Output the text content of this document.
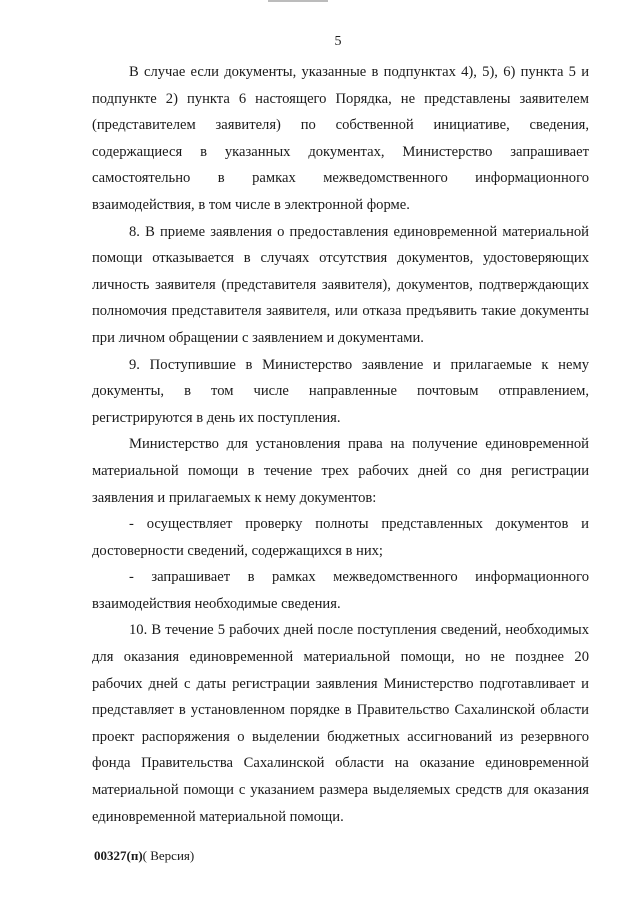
5

В случае если документы, указанные в подпунктах 4), 5), 6) пункта 5 и подпункте 2) пункта 6 настоящего Порядка, не представлены заявителем (представителем заявителя) по собственной инициативе, сведения, содержащиеся в указанных документах, Министерство запрашивает самостоятельно в рамках межведомственного информационного взаимодействия, в том числе в электронной форме.

8. В приеме заявления о предоставления единовременной материальной помощи отказывается в случаях отсутствия документов, удостоверяющих личность заявителя (представителя заявителя), документов, подтверждающих полномочия представителя заявителя, или отказа предъявить такие документы при личном обращении с заявлением и документами.

9. Поступившие в Министерство заявление и прилагаемые к нему документы, в том числе направленные почтовым отправлением, регистрируются в день их поступления.

Министерство для установления права на получение единовременной материальной помощи в течение трех рабочих дней со дня регистрации заявления и прилагаемых к нему документов:

- осуществляет проверку полноты представленных документов и достоверности сведений, содержащихся в них;

- запрашивает в рамках межведомственного информационного взаимодействия необходимые сведения.

10. В течение 5 рабочих дней после поступления сведений, необходимых для оказания единовременной материальной помощи, но не позднее 20 рабочих дней с даты регистрации заявления Министерство подготавливает и представляет в установленном порядке в Правительство Сахалинской области проект распоряжения о выделении бюджетных ассигнований из резервного фонда Правительства Сахалинской области на оказание единовременной материальной помощи с указанием размера выделяемых средств для оказания единовременной материальной помощи.

00327(п)( Версия)
